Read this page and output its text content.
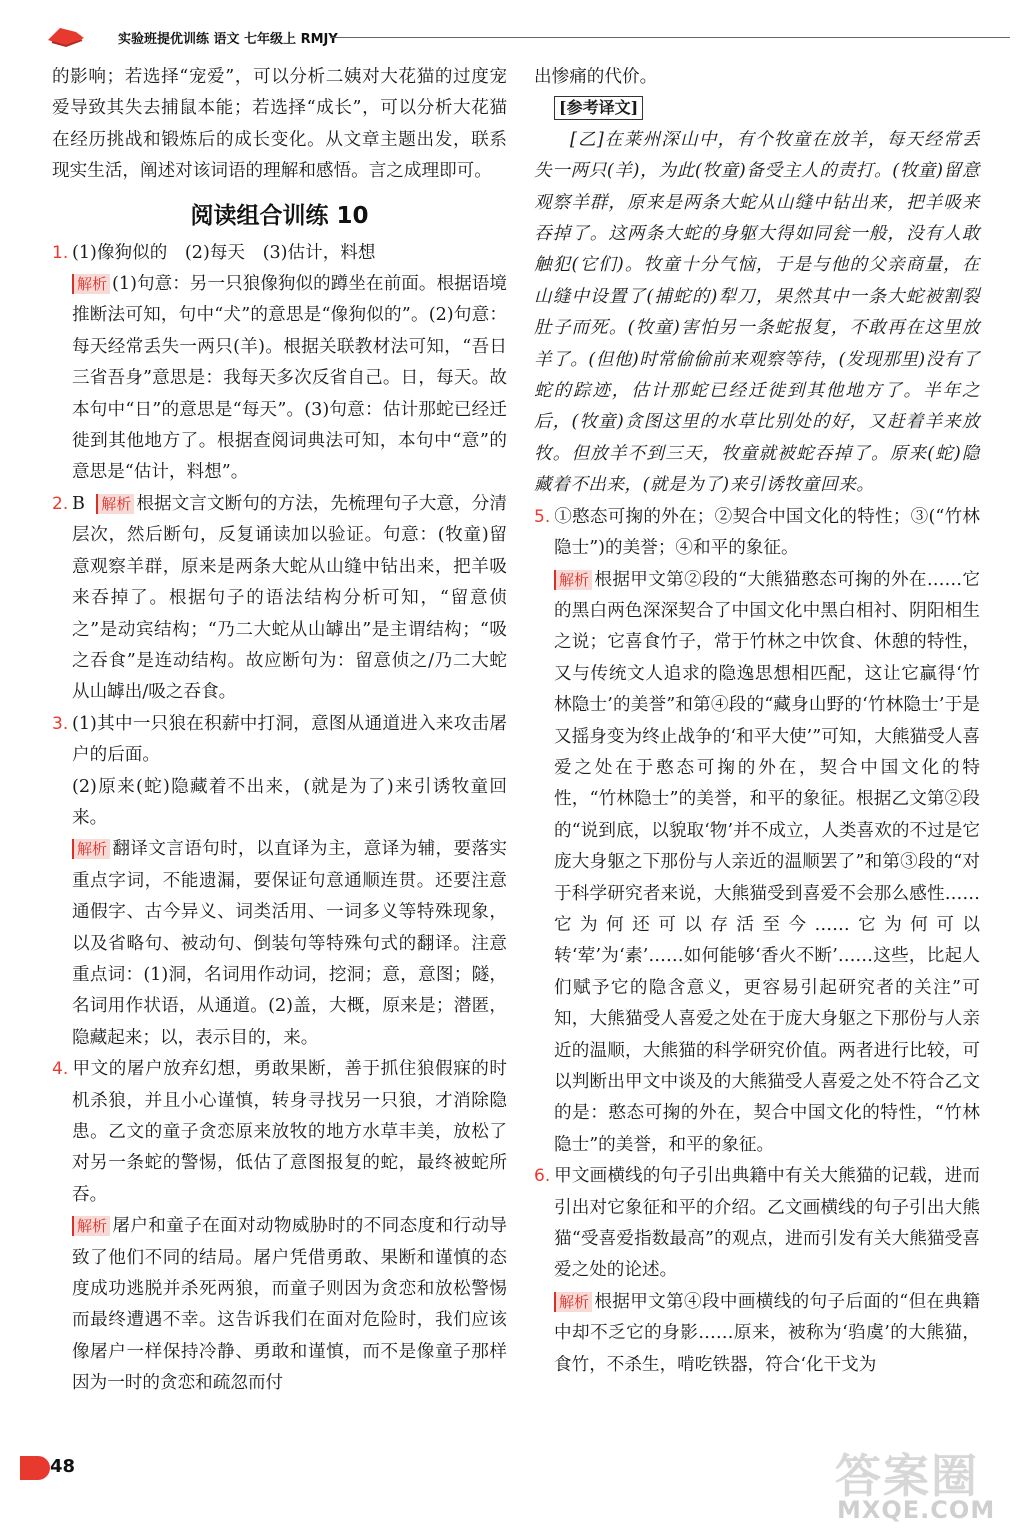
实验班提优训练 语文 七年级上 RMJY

的影响；若选择“宠爱”，可以分析二姨对大花猫的过度宠爱导致其失去捕鼠本能；若选择“成长”，可以分析大花猫在经历挑战和锻炼后的成长变化。从文章主题出发，联系现实生活，阐述对该词语的理解和感悟。言之成理即可。

阅读组合训练 10

1. (1)像狗似的　(2)每天　(3)估计，料想

解析 (1)句意：另一只狼像狗似的蹲坐在前面。根据语境推断法可知，句中“犬”的意思是“像狗似的”。(2)句意：每天经常丢失一两只(羊)。根据关联教材法可知，“吾日三省吾身”意思是：我每天多次反省自己。日，每天。故本句中“日”的意思是“每天”。(3)句意：估计那蛇已经迁徙到其他地方了。根据查阅词典法可知，本句中“意”的意思是“估计，料想”。

2. B 解析 根据文言文断句的方法，先梳理句子大意，分清层次，然后断句，反复诵读加以验证。句意：(牧童)留意观察羊群，原来是两条大蛇从山缝中钻出来，把羊吸来吞掉了。根据句子的语法结构分析可知，“留意侦之”是动宾结构；“乃二大蛇从山罅出”是主谓结构；“吸之吞食”是连动结构。故应断句为：留意侦之/乃二大蛇从山罅出/吸之吞食。

3. (1)其中一只狼在积薪中打洞，意图从通道进入来攻击屠户的后面。

(2)原来(蛇)隐藏着不出来，(就是为了)来引诱牧童回来。

解析 翻译文言语句时，以直译为主，意译为辅，要落实重点字词，不能遗漏，要保证句意通顺连贯。还要注意通假字、古今异义、词类活用、一词多义等特殊现象，以及省略句、被动句、倒装句等特殊句式的翻译。注意重点词：(1)洞，名词用作动词，挖洞；意，意图；隧，名词用作状语，从通道。(2)盖，大概，原来是；潜匿，隐藏起来；以，表示目的，来。

4. 甲文的屠户放弃幻想，勇敢果断，善于抓住狼假寐的时机杀狼，并且小心谨慎，转身寻找另一只狼，才消除隐患。乙文的童子贪恋原来放牧的地方水草丰美，放松了对另一条蛇的警惕，低估了意图报复的蛇，最终被蛇所吞。

解析 屠户和童子在面对动物威胁时的不同态度和行动导致了他们不同的结局。屠户凭借勇敢、果断和谨慎的态度成功逃脱并杀死两狼，而童子则因为贪恋和放松警惕而最终遭遇不幸。这告诉我们在面对危险时，我们应该像屠户一样保持冷静、勇敢和谨慎，而不是像童子那样因为一时的贪恋和疏忽而付

出惨痛的代价。

[参考译文]

[乙]在莱州深山中，有个牧童在放羊，每天经常丢失一两只(羊)，为此(牧童)备受主人的责打。(牧童)留意观察羊群，原来是两条大蛇从山缝中钻出来，把羊吸来吞掉了。这两条大蛇的身躯大得如同瓮一般，没有人敢触犯(它们)。牧童十分气恼，于是与他的父亲商量，在山缝中设置了(捕蛇的)犁刀，果然其中一条大蛇被割裂肚子而死。(牧童)害怕另一条蛇报复，不敢再在这里放羊了。(但他)时常偷偷前来观察等待，(发现那里)没有了蛇的踪迹，估计那蛇已经迁徙到其他地方了。半年之后，(牧童)贪图这里的水草比别处的好，又赶着羊来放牧。但放羊不到三天，牧童就被蛇吞掉了。原来(蛇)隐藏着不出来，(就是为了)来引诱牧童回来。

5. ①憨态可掬的外在；②契合中国文化的特性；③(“竹林隐士”)的美誉；④和平的象征。

解析 根据甲文第②段的“大熊猫憨态可掬的外在……它的黑白两色深深契合了中国文化中黑白相衬、阴阳相生之说；它喜食竹子，常于竹林之中饮食、休憩的特性，又与传统文人追求的隐逸思想相匹配，这让它赢得‘竹林隐士’的美誉”和第④段的“藏身山野的‘竹林隐士’于是又摇身变为终止战争的‘和平大使’”可知，大熊猫受人喜爱之处在于憨态可掬的外在，契合中国文化的特性，“竹林隐士”的美誉，和平的象征。根据乙文第②段的“说到底，以貌取‘物’并不成立，人类喜欢的不过是它庞大身躯之下那份与人亲近的温顺罢了”和第③段的“对于科学研究者来说，大熊猫受到喜爱不会那么感性……它为何还可以存活至今……它为何可以转‘荤’为‘素’……如何能够‘香火不断’……这些，比起人们赋予它的隐含意义，更容易引起研究者的关注”可知，大熊猫受人喜爱之处在于庞大身躯之下那份与人亲近的温顺，大熊猫的科学研究价值。两者进行比较，可以判断出甲文中谈及的大熊猫受人喜爱之处不符合乙文的是：憨态可掬的外在，契合中国文化的特性，“竹林隐士”的美誉，和平的象征。

6. 甲文画横线的句子引出典籍中有关大熊猫的记载，进而引出对它象征和平的介绍。乙文画横线的句子引出大熊猫“受喜爱指数最高”的观点，进而引发有关大熊猫受喜爱之处的论述。

解析 根据甲文第④段中画横线的句子后面的“但在典籍中却不乏它的身影……原来，被称为‘驺虞’的大熊猫，食竹，不杀生，啃吃铁器，符合‘化干戈为

48	答案圈
MXQE.COM
